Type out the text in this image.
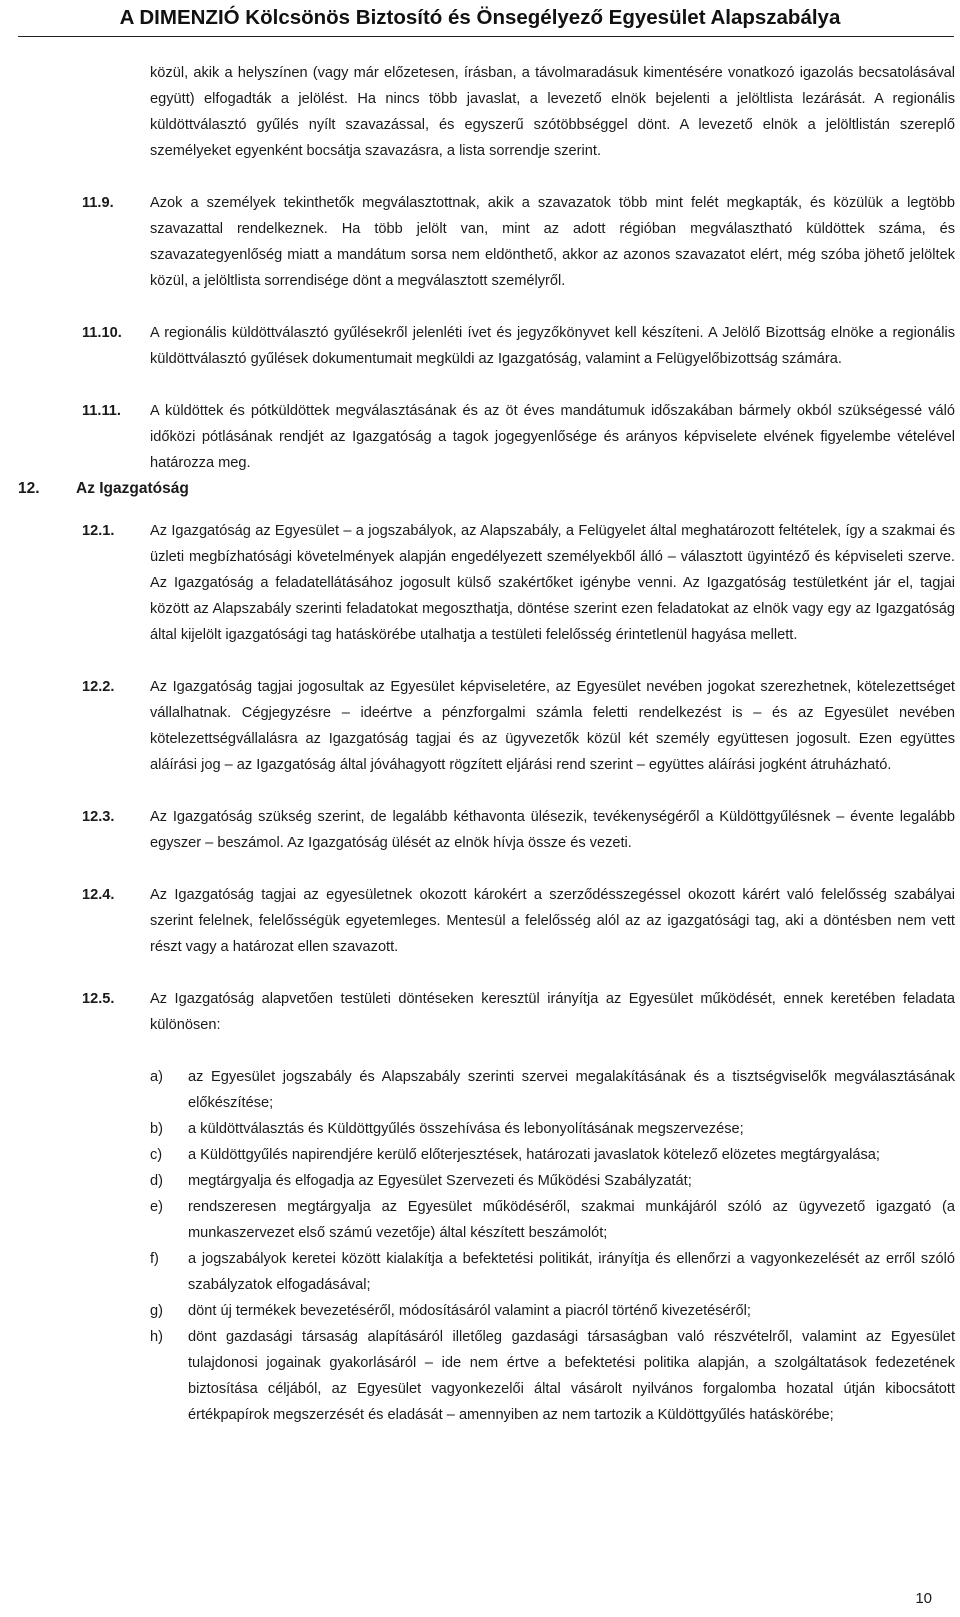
A DIMENZIÓ Kölcsönös Biztosító és Önsegélyező Egyesület Alapszabálya

közül, akik a helyszínen (vagy már előzetesen, írásban, a távolmaradásuk kimentésére vonatkozó igazolás becsatolásával együtt) elfogadták a jelölést. Ha nincs több javaslat, a levezető elnök bejelenti a jelöltlista lezárását. A regionális küldöttválasztó gyűlés nyílt szavazással, és egyszerű szótöbbséggel dönt. A levezető elnök a jelöltlistán szereplő személyeket egyenként bocsátja szavazásra, a lista sorrendje szerint.

11.9. Azok a személyek tekinthetők megválasztottnak, akik a szavazatok több mint felét megkapták, és közülük a legtöbb szavazattal rendelkeznek. Ha több jelölt van, mint az adott régióban megválasztható küldöttek száma, és szavazategyenlőség miatt a mandátum sorsa nem eldönthető, akkor az azonos szavazatot elért, még szóba jöhető jelöltek közül, a jelöltlista sorrendisége dönt a megválasztott személyről.

11.10. A regionális küldöttválasztó gyűlésekről jelenléti ívet és jegyzőkönyvet kell készíteni. A Jelölő Bizottság elnöke a regionális küldöttválasztó gyűlések dokumentumait megküldi az Igazgatóság, valamint a Felügyelőbizottság számára.

11.11. A küldöttek és pótküldöttek megválasztásának és az öt éves mandátumuk időszakában bármely okból szükségessé váló időközi pótlásának rendjét az Igazgatóság a tagok jogegyenlősége és arányos képviselete elvének figyelembe vételével határozza meg.

12. Az Igazgatóság
12.1. Az Igazgatóság az Egyesület – a jogszabályok, az Alapszabály, a Felügyelet által meghatározott feltételek, így a szakmai és üzleti megbízhatósági követelmények alapján engedélyezett személyekből álló – választott ügyintéző és képviseleti szerve. Az Igazgatóság a feladatellátásához jogosult külső szakértőket igénybe venni. Az Igazgatóság testületként jár el, tagjai között az Alapszabály szerinti feladatokat megoszthatja, döntése szerint ezen feladatokat az elnök vagy egy az Igazgatóság által kijelölt igazgatósági tag hatáskörébe utalhatja a testületi felelősség érintetlenül hagyása mellett.

12.2. Az Igazgatóság tagjai jogosultak az Egyesület képviseletére, az Egyesület nevében jogokat szerezhetnek, kötelezettséget vállalhatnak. Cégjegyzésre – ideértve a pénzforgalmi számla feletti rendelkezést is – és az Egyesület nevében kötelezettségvállalásra az Igazgatóság tagjai és az ügyvezetők közül két személy együttesen jogosult. Ezen együttes aláírási jog – az Igazgatóság által jóváhagyott rögzített eljárási rend szerint – együttes aláírási jogként átruházható.

12.3. Az Igazgatóság szükség szerint, de legalább kéthavonta ülésezik, tevékenységéről a Küldöttgyűlésnek – évente legalább egyszer – beszámol. Az Igazgatóság ülését az elnök hívja össze és vezeti.

12.4. Az Igazgatóság tagjai az egyesületnek okozott károkért a szerződésszegéssel okozott kárért való felelősség szabályai szerint felelnek, felelősségük egyetemleges. Mentesül a felelősség alól az az igazgatósági tag, aki a döntésben nem vett részt vagy a határozat ellen szavazott.

12.5. Az Igazgatóság alapvetően testületi döntéseken keresztül irányítja az Egyesület működését, ennek keretében feladata különösen:

a) az Egyesület jogszabály és Alapszabály szerinti szervei megalakításának és a tisztségviselők megválasztásának előkészítése;
b) a küldöttválasztás és Küldöttgyűlés összehívása és lebonyolításának megszervezése;
c) a Küldöttgyűlés napirendjére kerülő előterjesztések, határozati javaslatok kötelező elözetes megtárgyalása;
d) megtárgyalja és elfogadja az Egyesület Szervezeti és Működési Szabályzatát;
e) rendszeresen megtárgyalja az Egyesület működéséről, szakmai munkájáról szóló az ügyvezető igazgató (a munkaszervezet első számú vezetője) által készített beszámolót;
f) a jogszabályok keretei között kialakítja a befektetési politikát, irányítja és ellenőrzi a vagyonkezelését az erről szóló szabályzatok elfogadásával;
g) dönt új termékek bevezetéséről, módosításáról valamint a piacról történő kivezetéséről;
h) dönt gazdasági társaság alapításáról illetőleg gazdasági társaságban való részvételről, valamint az Egyesület tulajdonosi jogainak gyakorlásáról – ide nem értve a befektetési politika alapján, a szolgáltatások fedezetének biztosítása céljából, az Egyesület vagyonkezelői által vásárolt nyilvános forgalomba hozatal útján kibocsátott értékpapírok megszerzését és eladását – amennyiben az nem tartozik a Küldöttgyűlés hatáskörébe;
10
